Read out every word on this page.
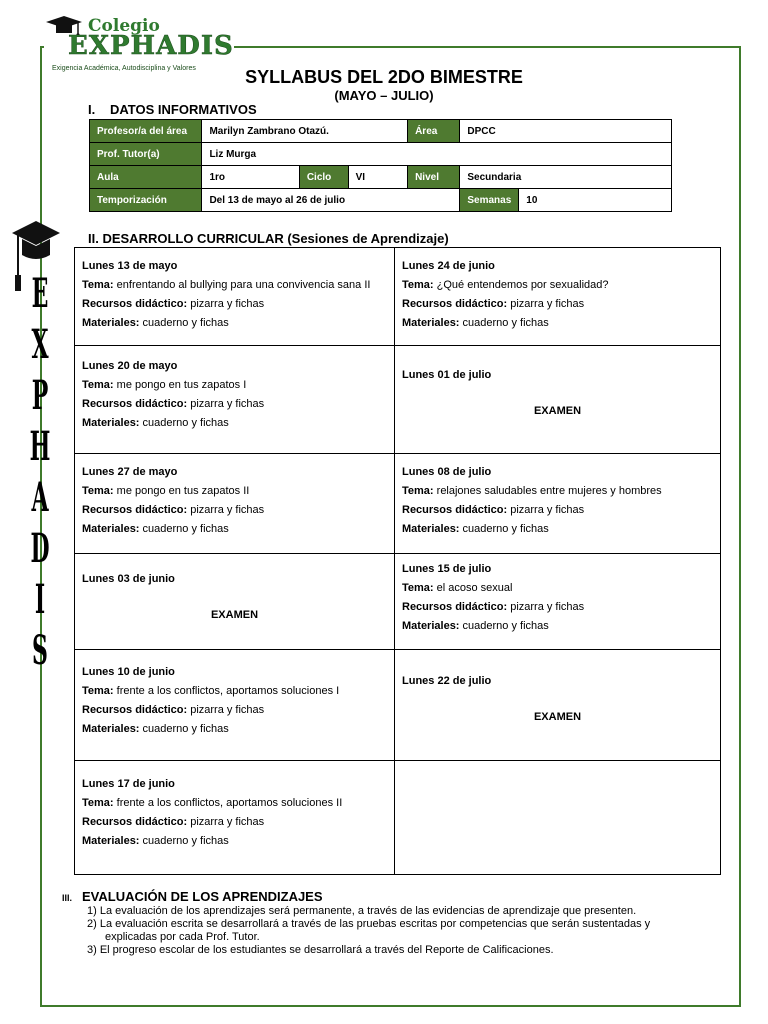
Colegio
EXPHADIS
Exigencia Académica, Autodisciplina y Valores
E
X
P
H
A
D
I
S
SYLLABUS DEL 2DO BIMESTRE
(MAYO – JULIO)
I. DATOS INFORMATIVOS
Profesor/a del área	Marilyn Zambrano Otazú.			Área	DPCC	
Prof. Tutor(a)	Liz Murga					
Aula	1ro	Ciclo	VI	Nivel	Secundaria	
Temporización	Del 13 de mayo al 26 de julio				Semanas	10
II. DESARROLLO CURRICULAR (Sesiones de Aprendizaje)
Lunes 13 de mayo
Tema: enfrentando al bullying para una convivencia sana II
Recursos didáctico: pizarra y fichas
Materiales: cuaderno y fichas	Lunes 24 de junio
Tema: ¿Qué entendemos por sexualidad?
Recursos didáctico: pizarra y fichas
Materiales: cuaderno y fichas
Lunes 20 de mayo
Tema: me pongo en tus zapatos I
Recursos didáctico: pizarra y fichas
Materiales: cuaderno y fichas	Lunes 01 de julio

EXAMEN

Lunes 27 de mayo
Tema: me pongo en tus zapatos II
Recursos didáctico: pizarra y fichas
Materiales: cuaderno y fichas	Lunes 08 de julio
Tema: relajones saludables entre mujeres y hombres
Recursos didáctico: pizarra y fichas
Materiales: cuaderno y fichas
Lunes 03 de junio

EXAMEN	Lunes 15 de julio
Tema: el acoso sexual
Recursos didáctico: pizarra y fichas
Materiales: cuaderno y fichas
Lunes 10 de junio
Tema: frente a los conflictos, aportamos soluciones I
Recursos didáctico: pizarra y fichas
Materiales: cuaderno y fichas	Lunes 22 de julio

EXAMEN

Lunes 17 de junio
Tema: frente a los conflictos, aportamos soluciones II
Recursos didáctico: pizarra y fichas
Materiales: cuaderno y fichas	
III. EVALUACIÓN DE LOS APRENDIZAJES
1) La evaluación de los aprendizajes será permanente, a través de las evidencias de aprendizaje que presenten.
2) La evaluación escrita se desarrollará a través de las pruebas escritas por competencias que serán sustentadas y explicadas por cada Prof. Tutor.
3) El progreso escolar de los estudiantes se desarrollará a través del Reporte de Calificaciones.
